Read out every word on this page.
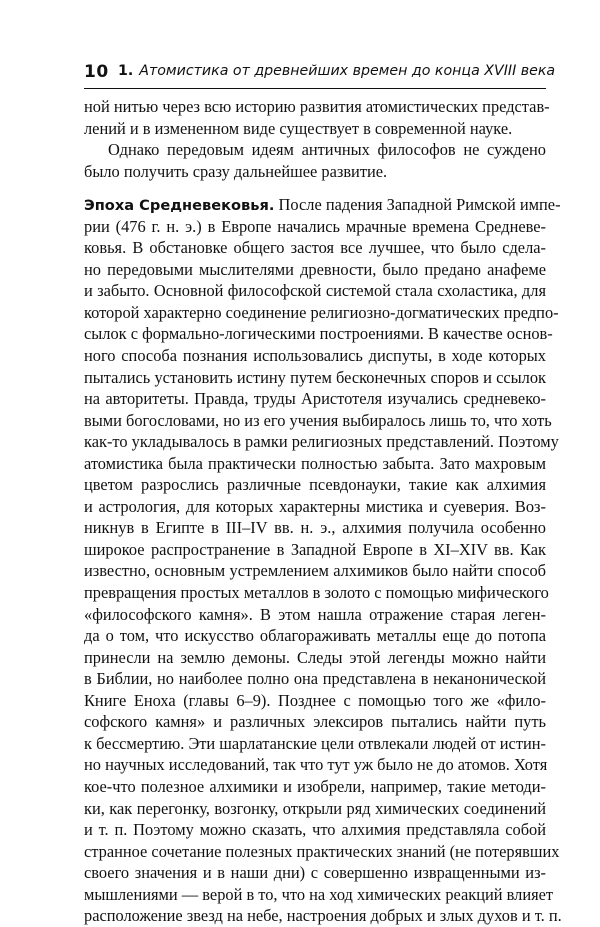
10 1. Атомистика от древнейших времен до конца XVIII века
ной нитью через всю историю развития атомистических представ-
лений и в измененном виде существует в современной науке.
Однако передовым идеям античных философов не суждено
было получить сразу дальнейшее развитие.
Эпоха Средневековья. После падения Западной Римской импе-
рии (476 г. н. э.) в Европе начались мрачные времена Средневе-
ковья. В обстановке общего застоя все лучшее, что было сдела-
но передовыми мыслителями древности, было предано анафеме
и забыто. Основной философской системой стала схоластика, для
которой характерно соединение религиозно-догматических предпо-
сылок с формально-логическими построениями. В качестве основ-
ного способа познания использовались диспуты, в ходе которых
пытались установить истину путем бесконечных споров и ссылок
на авторитеты. Правда, труды Аристотеля изучались средневеко-
выми богословами, но из его учения выбиралось лишь то, что хоть
как-то укладывалось в рамки религиозных представлений. Поэтому
атомистика была практически полностью забыта. Зато махровым
цветом разрослись различные псевдонауки, такие как алхимия
и астрология, для которых характерны мистика и суеверия. Воз-
никнув в Египте в III–IV вв. н. э., алхимия получила особенно
широкое распространение в Западной Европе в XI–XIV вв. Как
известно, основным устремлением алхимиков было найти способ
превращения простых металлов в золото с помощью мифического
«философского камня». В этом нашла отражение старая леген-
да о том, что искусство облагораживать металлы еще до потопа
принесли на землю демоны. Следы этой легенды можно найти
в Библии, но наиболее полно она представлена в неканонической
Книге Еноха (главы 6–9). Позднее с помощью того же «фило-
софского камня» и различных элексиров пытались найти путь
к бессмертию. Эти шарлатанские цели отвлекали людей от истин-
но научных исследований, так что тут уж было не до атомов. Хотя
кое-что полезное алхимики и изобрели, например, такие методи-
ки, как перегонку, возгонку, открыли ряд химических соединений
и т. п. Поэтому можно сказать, что алхимия представляла собой
странное сочетание полезных практических знаний (не потерявших
своего значения и в наши дни) с совершенно извращенными из-
мышлениями — верой в то, что на ход химических реакций влияет
расположение звезд на небе, настроения добрых и злых духов и т. п.
